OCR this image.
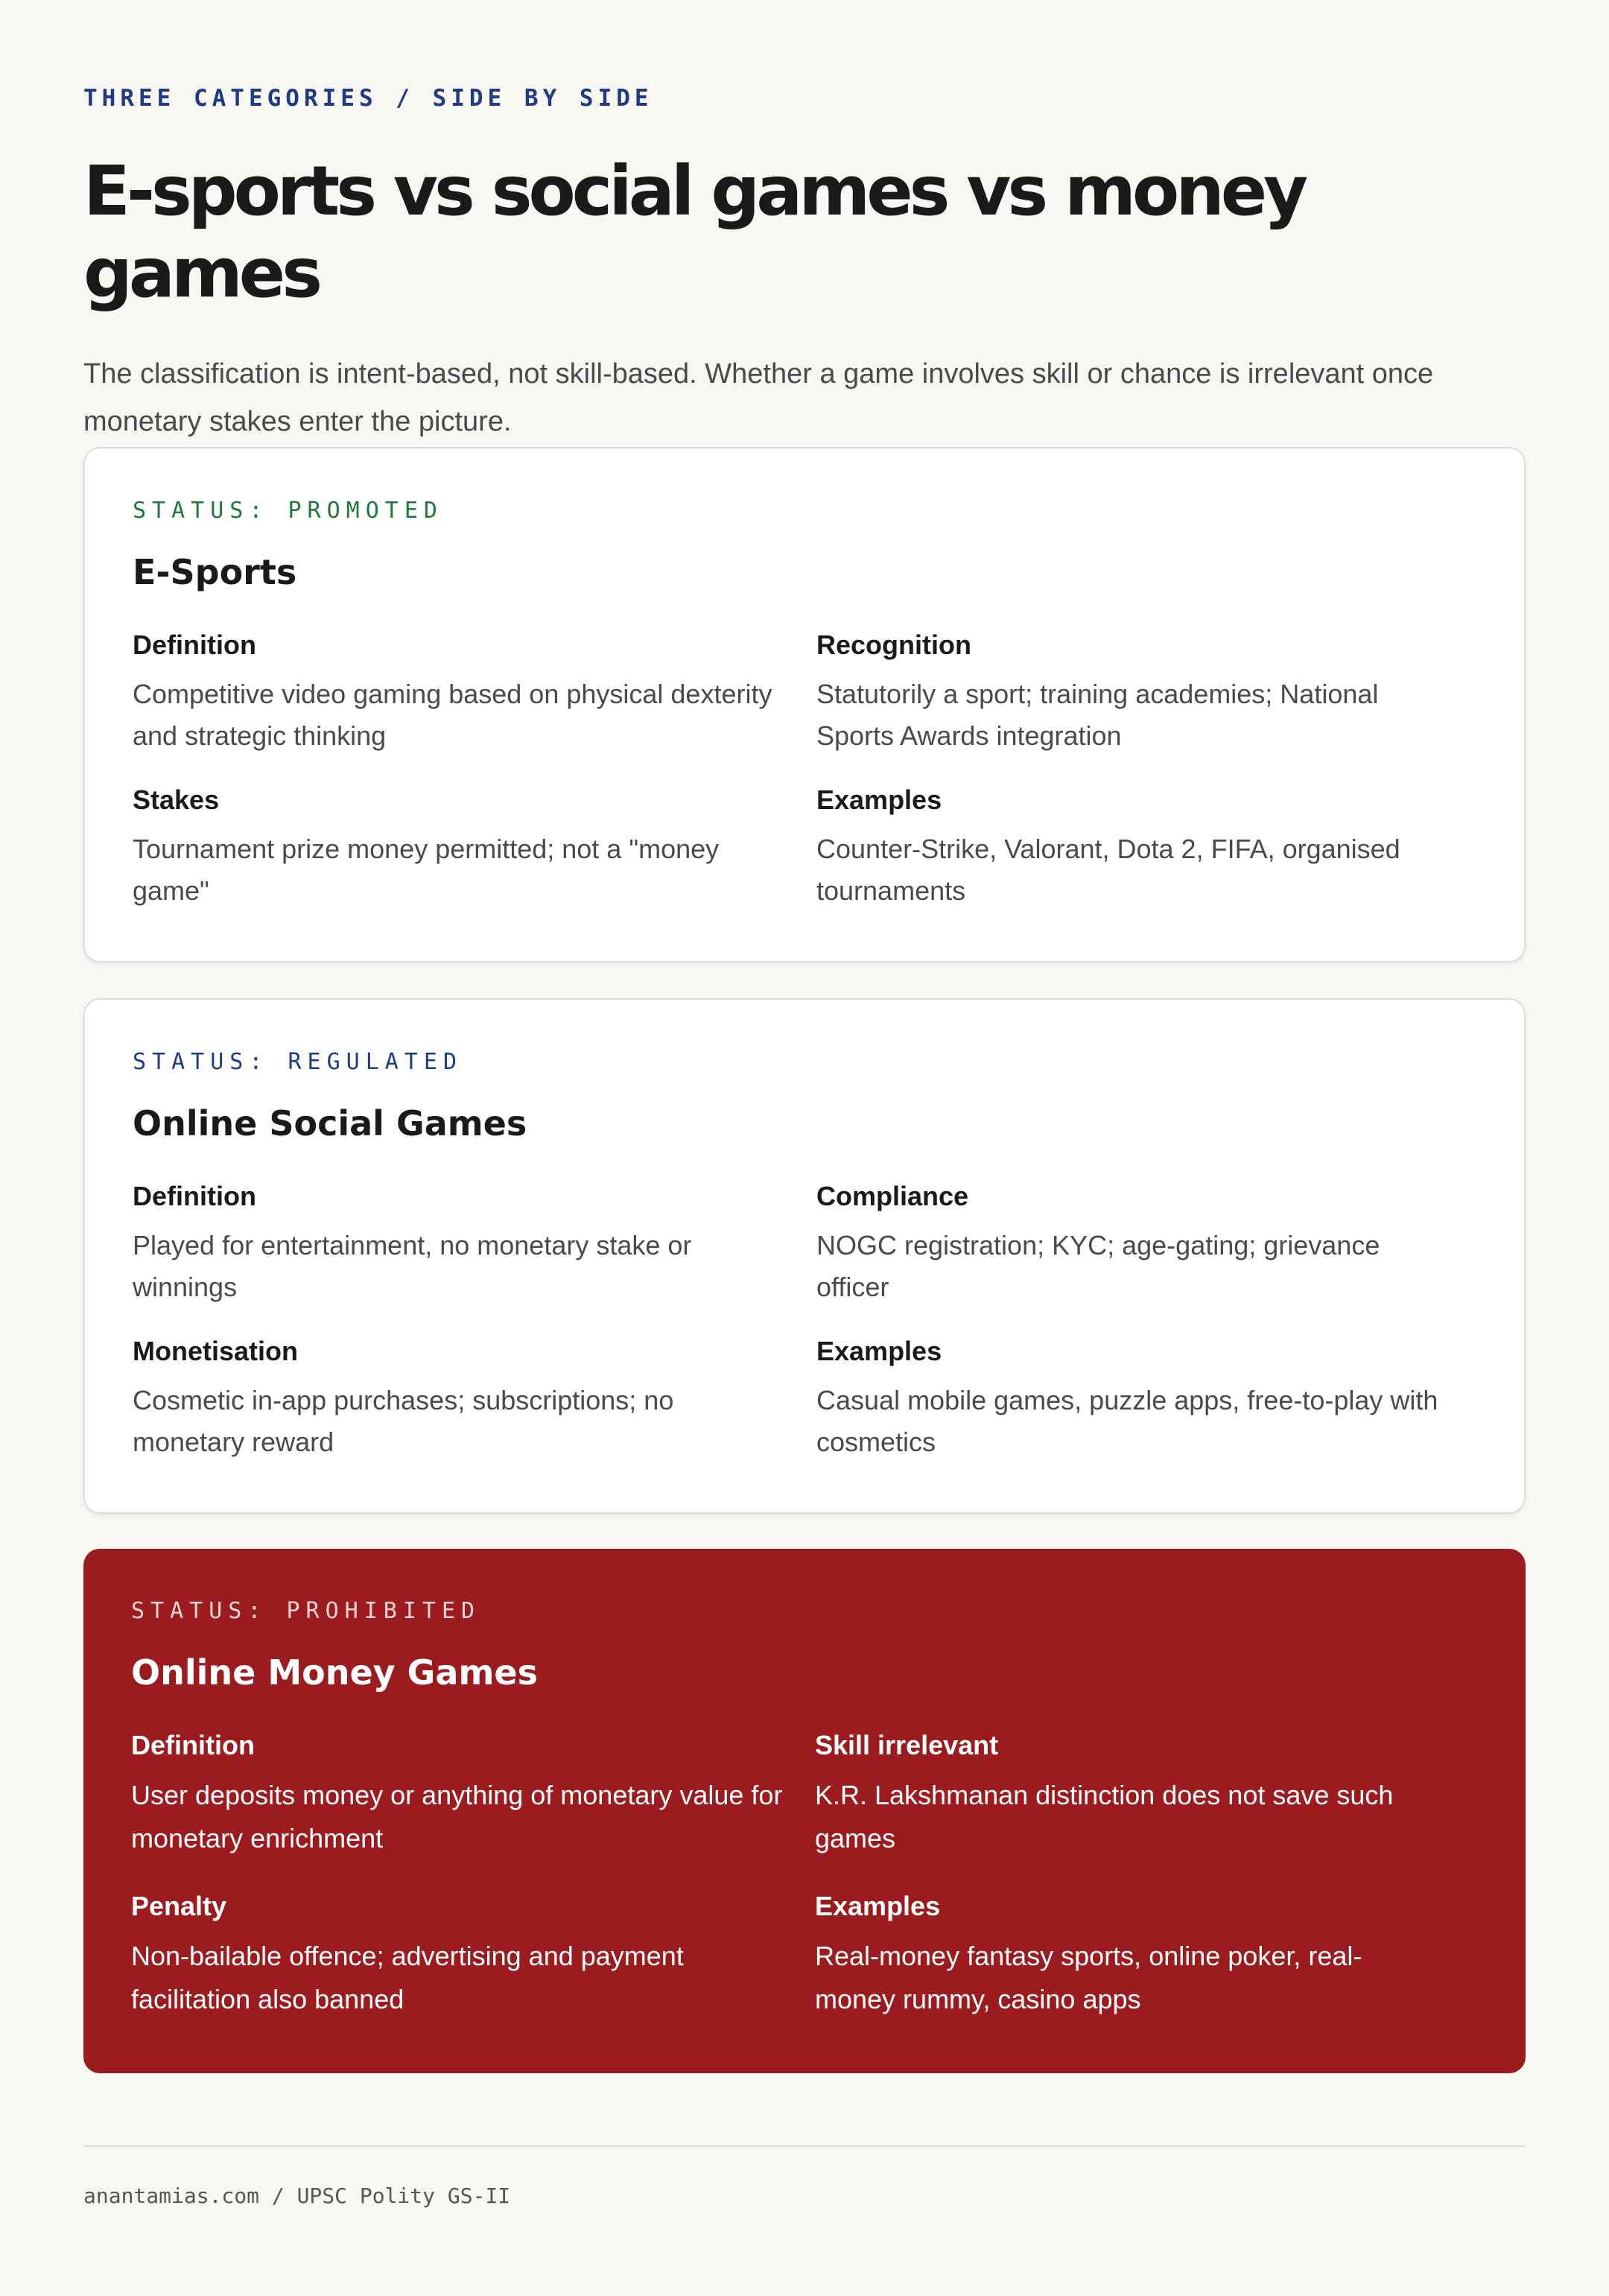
THREE CATEGORIES / SIDE BY SIDE

E-sports vs social games vs money games

The classification is intent-based, not skill-based. Whether a game involves skill or chance is irrelevant once monetary stakes enter the picture.

STATUS: PROMOTED

E-Sports

Definition

Competitive video gaming based on physical dexterity and strategic thinking

Recognition

Statutorily a sport; training academies; National Sports Awards integration

Stakes

Tournament prize money permitted; not a "money game"

Examples

Counter-Strike, Valorant, Dota 2, FIFA, organised tournaments

STATUS: REGULATED

Online Social Games

Definition

Played for entertainment, no monetary stake or winnings

Compliance

NOGC registration; KYC; age-gating; grievance officer

Monetisation

Cosmetic in-app purchases; subscriptions; no monetary reward

Examples

Casual mobile games, puzzle apps, free-to-play with cosmetics

STATUS: PROHIBITED

Online Money Games

Definition

User deposits money or anything of monetary value for monetary enrichment

Skill irrelevant

K.R. Lakshmanan distinction does not save such games

Penalty

Non-bailable offence; advertising and payment facilitation also banned

Examples

Real-money fantasy sports, online poker, real-money rummy, casino apps

anantamias.com / UPSC Polity GS-II
